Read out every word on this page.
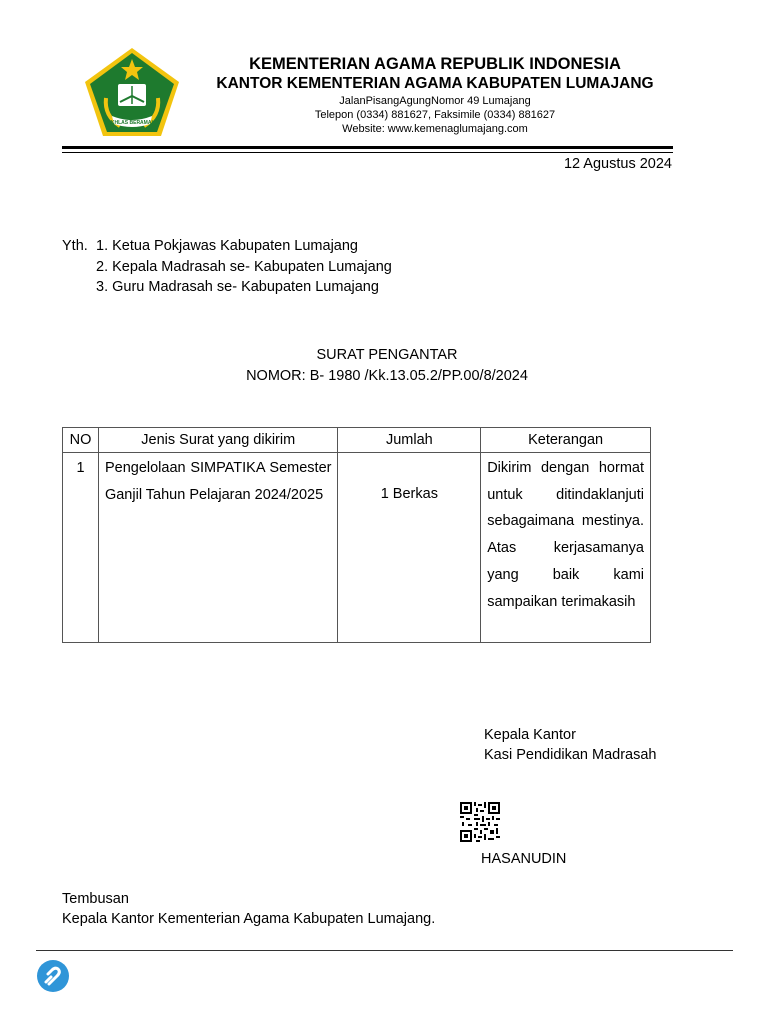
IKHLAS BERAMAL
KEMENTERIAN AGAMA REPUBLIK INDONESIA
KANTOR KEMENTERIAN AGAMA KABUPATEN LUMAJANG
JalanPisangAgungNomor 49 Lumajang
Telepon (0334) 881627, Faksimile (0334) 881627
Website: www.kemenaglumajang.com
12 Agustus 2024
Yth. 1. Ketua Pokjawas Kabupaten Lumajang
2. Kepala Madrasah se- Kabupaten Lumajang
3. Guru Madrasah se- Kabupaten Lumajang
SURAT PENGANTAR
NOMOR: B- 1980 /Kk.13.05.2/PP.00/8/2024
NO	Jenis Surat yang dikirim	Jumlah	Keterangan
1	Pengelolaan SIMPATIKA Semester Ganjil Tahun Pelajaran 2024/2025	1 Berkas	Dikirim dengan hormat untuk ditindaklanjuti sebagaimana mestinya. Atas kerjasamanya yang baik kami sampaikan terimakasih
Kepala Kantor
Kasi Pendidikan Madrasah
HASANUDIN
Tembusan
Kepala Kantor Kementerian Agama Kabupaten Lumajang.
